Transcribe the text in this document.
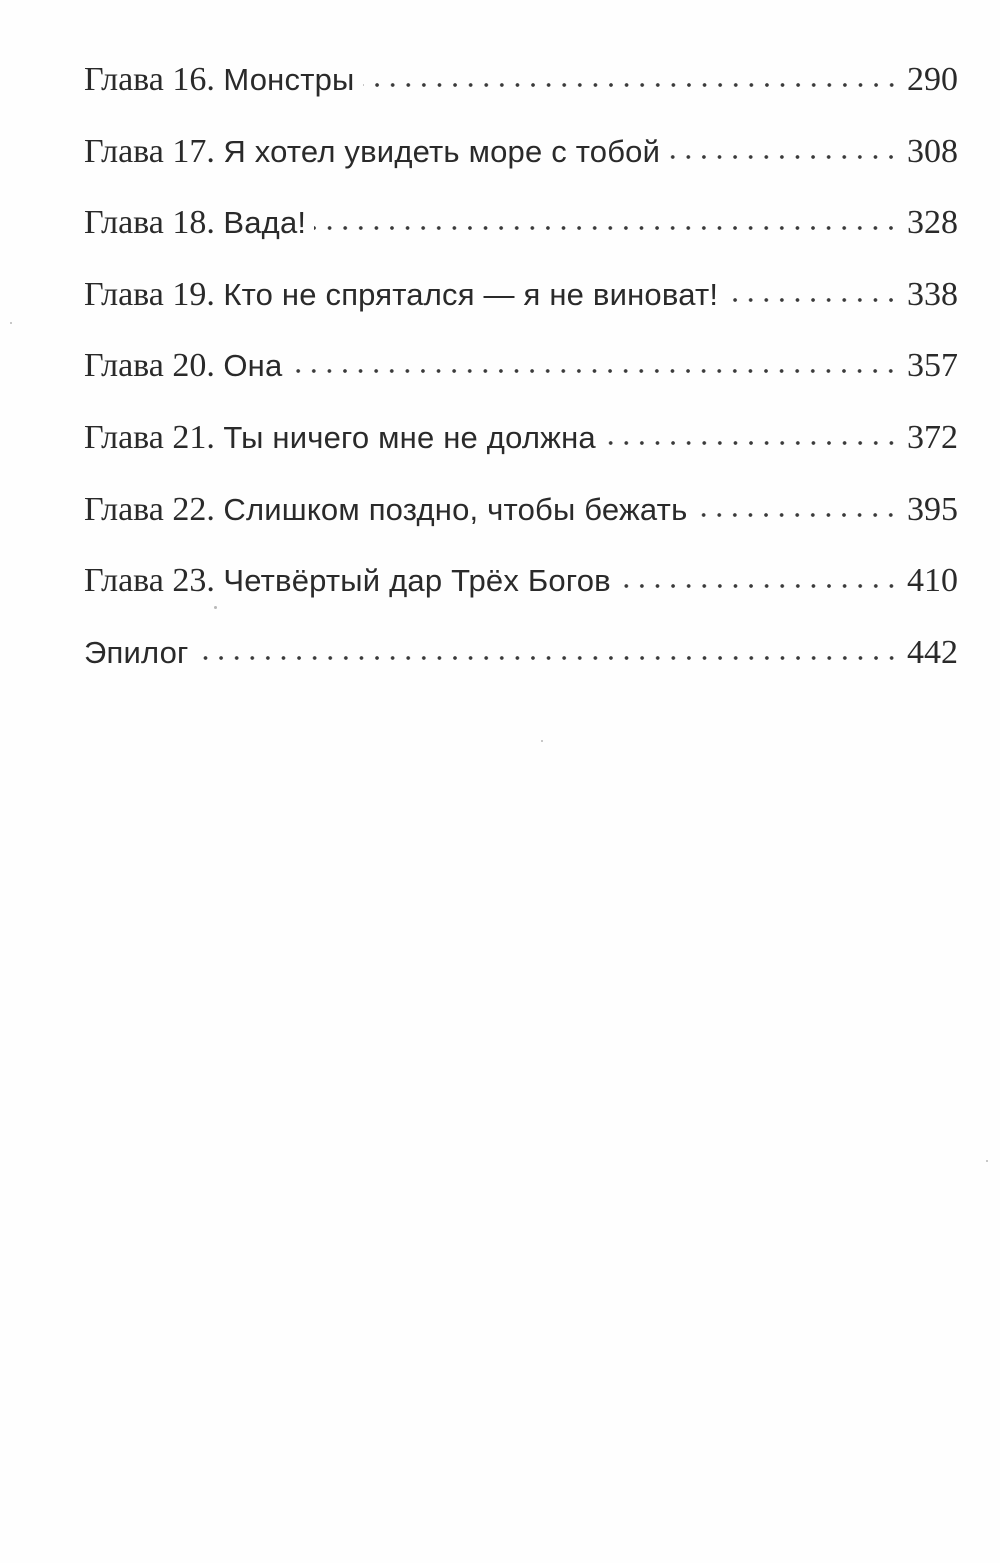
Глава 16. Монстры	290
Глава 17. Я хотел увидеть море с тобой	308
Глава 18. Вада!	328
Глава 19. Кто не спрятался — я не виноват!	338
Глава 20. Она	357
Глава 21. Ты ничего мне не должна	372
Глава 22. Слишком поздно, чтобы бежать	395
Глава 23. Четвёртый дар Трёх Богов	410
Эпилог	442
